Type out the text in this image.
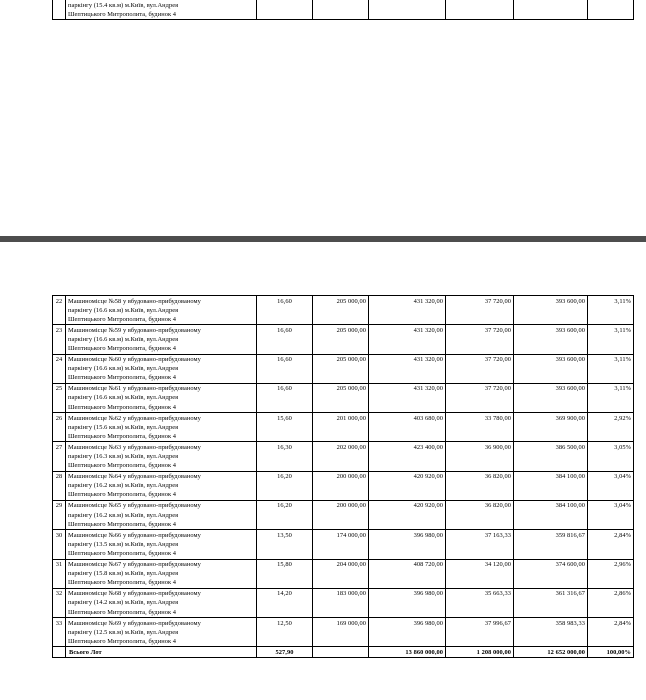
паркінгу (15.4 кв.м) м.Київ, вул.Андрея
Шептицького Митрополита, будинок 4

22	Машиномісце №58 у вбудовано-прибудованому
паркінгу (16.6 кв.м) м.Київ, вул.Андрея
Шептицького Митрополита, будинок 4	16,60	205 000,00	431 320,00	37 720,00	393 600,00	3,11%
23	Машиномісце №59 у вбудовано-прибудованому
паркінгу (16.6 кв.м) м.Київ, вул.Андрея
Шептицького Митрополита, будинок 4	16,60	205 000,00	431 320,00	37 720,00	393 600,00	3,11%
24	Машиномісце №60 у вбудовано-прибудованому
паркінгу (16.6 кв.м) м.Київ, вул.Андрея
Шептицького Митрополита, будинок 4	16,60	205 000,00	431 320,00	37 720,00	393 600,00	3,11%
25	Машиномісце №61 у вбудовано-прибудованому
паркінгу (16.6 кв.м) м.Київ, вул.Андрея
Шептицького Митрополита, будинок 4	16,60	205 000,00	431 320,00	37 720,00	393 600,00	3,11%
26	Машиномісце №62 у вбудовано-прибудованому
паркінгу (15.6 кв.м) м.Київ, вул.Андрея
Шептицького Митрополита, будинок 4	15,60	201 000,00	403 680,00	33 780,00	369 900,00	2,92%
27	Машиномісце №63 у вбудовано-прибудованому
паркінгу (16.3 кв.м) м.Київ, вул.Андрея
Шептицького Митрополита, будинок 4	16,30	202 000,00	423 400,00	36 900,00	386 500,00	3,05%
28	Машиномісце №64 у вбудовано-прибудованому
паркінгу (16.2 кв.м) м.Київ, вул.Андрея
Шептицького Митрополита, будинок 4	16,20	200 000,00	420 920,00	36 820,00	384 100,00	3,04%
29	Машиномісце №65 у вбудовано-прибудованому
паркінгу (16.2 кв.м) м.Київ, вул.Андрея
Шептицького Митрополита, будинок 4	16,20	200 000,00	420 920,00	36 820,00	384 100,00	3,04%
30	Машиномісце №66 у вбудовано-прибудованому
паркінгу (13.5 кв.м) м.Київ, вул.Андрея
Шептицького Митрополита, будинок 4	13,50	174 000,00	396 980,00	37 163,33	359 816,67	2,84%
31	Машиномісце №67 у вбудовано-прибудованому
паркінгу (15.8 кв.м) м.Київ, вул.Андрея
Шептицького Митрополита, будинок 4	15,80	204 000,00	408 720,00	34 120,00	374 600,00	2,96%
32	Машиномісце №68 у вбудовано-прибудованому
паркінгу (14.2 кв.м) м.Київ, вул.Андрея
Шептицького Митрополита, будинок 4	14,20	183 000,00	396 980,00	35 663,33	361 316,67	2,86%
33	Машиномісце №69 у вбудовано-прибудованому
паркінгу (12.5 кв.м) м.Київ, вул.Андрея
Шептицького Митрополита, будинок 4	12,50	169 000,00	396 980,00	37 996,67	358 983,33	2,84%
	Всього Лот	527,90		13 860 000,00	1 208 000,00	12 652 000,00	100,00%
